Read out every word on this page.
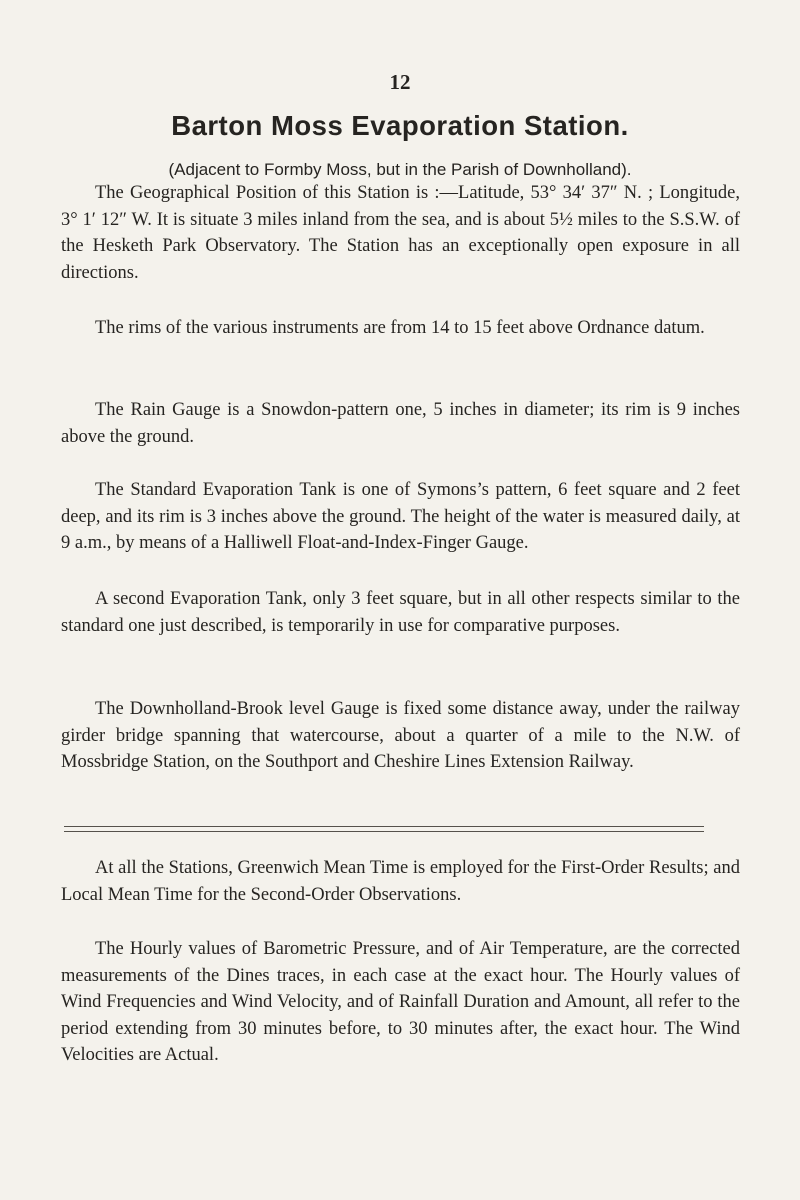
12
Barton Moss Evaporation Station.
(Adjacent to Formby Moss, but in the Parish of Downholland).

The Geographical Position of this Station is :—Latitude, 53° 34′ 37″ N. ; Longitude, 3° 1′ 12″ W. It is situate 3 miles inland from the sea, and is about 5½ miles to the S.S.W. of the Hesketh Park Observatory. The Station has an exceptionally open exposure in all directions.

The rims of the various instruments are from 14 to 15 feet above Ordnance datum.

The Rain Gauge is a Snowdon-pattern one, 5 inches in diameter; its rim is 9 inches above the ground.

The Standard Evaporation Tank is one of Symons’s pattern, 6 feet square and 2 feet deep, and its rim is 3 inches above the ground. The height of the water is measured daily, at 9 a.m., by means of a Halliwell Float-and-Index-Finger Gauge.

A second Evaporation Tank, only 3 feet square, but in all other respects similar to the standard one just described, is temporarily in use for comparative purposes.

The Downholland-Brook level Gauge is fixed some distance away, under the railway girder bridge spanning that watercourse, about a quarter of a mile to the N.W. of Mossbridge Station, on the Southport and Cheshire Lines Extension Railway.

At all the Stations, Greenwich Mean Time is employed for the First-Order Results; and Local Mean Time for the Second-Order Observations.

The Hourly values of Barometric Pressure, and of Air Temperature, are the corrected measurements of the Dines traces, in each case at the exact hour. The Hourly values of Wind Frequencies and Wind Velocity, and of Rainfall Duration and Amount, all refer to the period extending from 30 minutes before, to 30 minutes after, the exact hour. The Wind Velocities are Actual.
